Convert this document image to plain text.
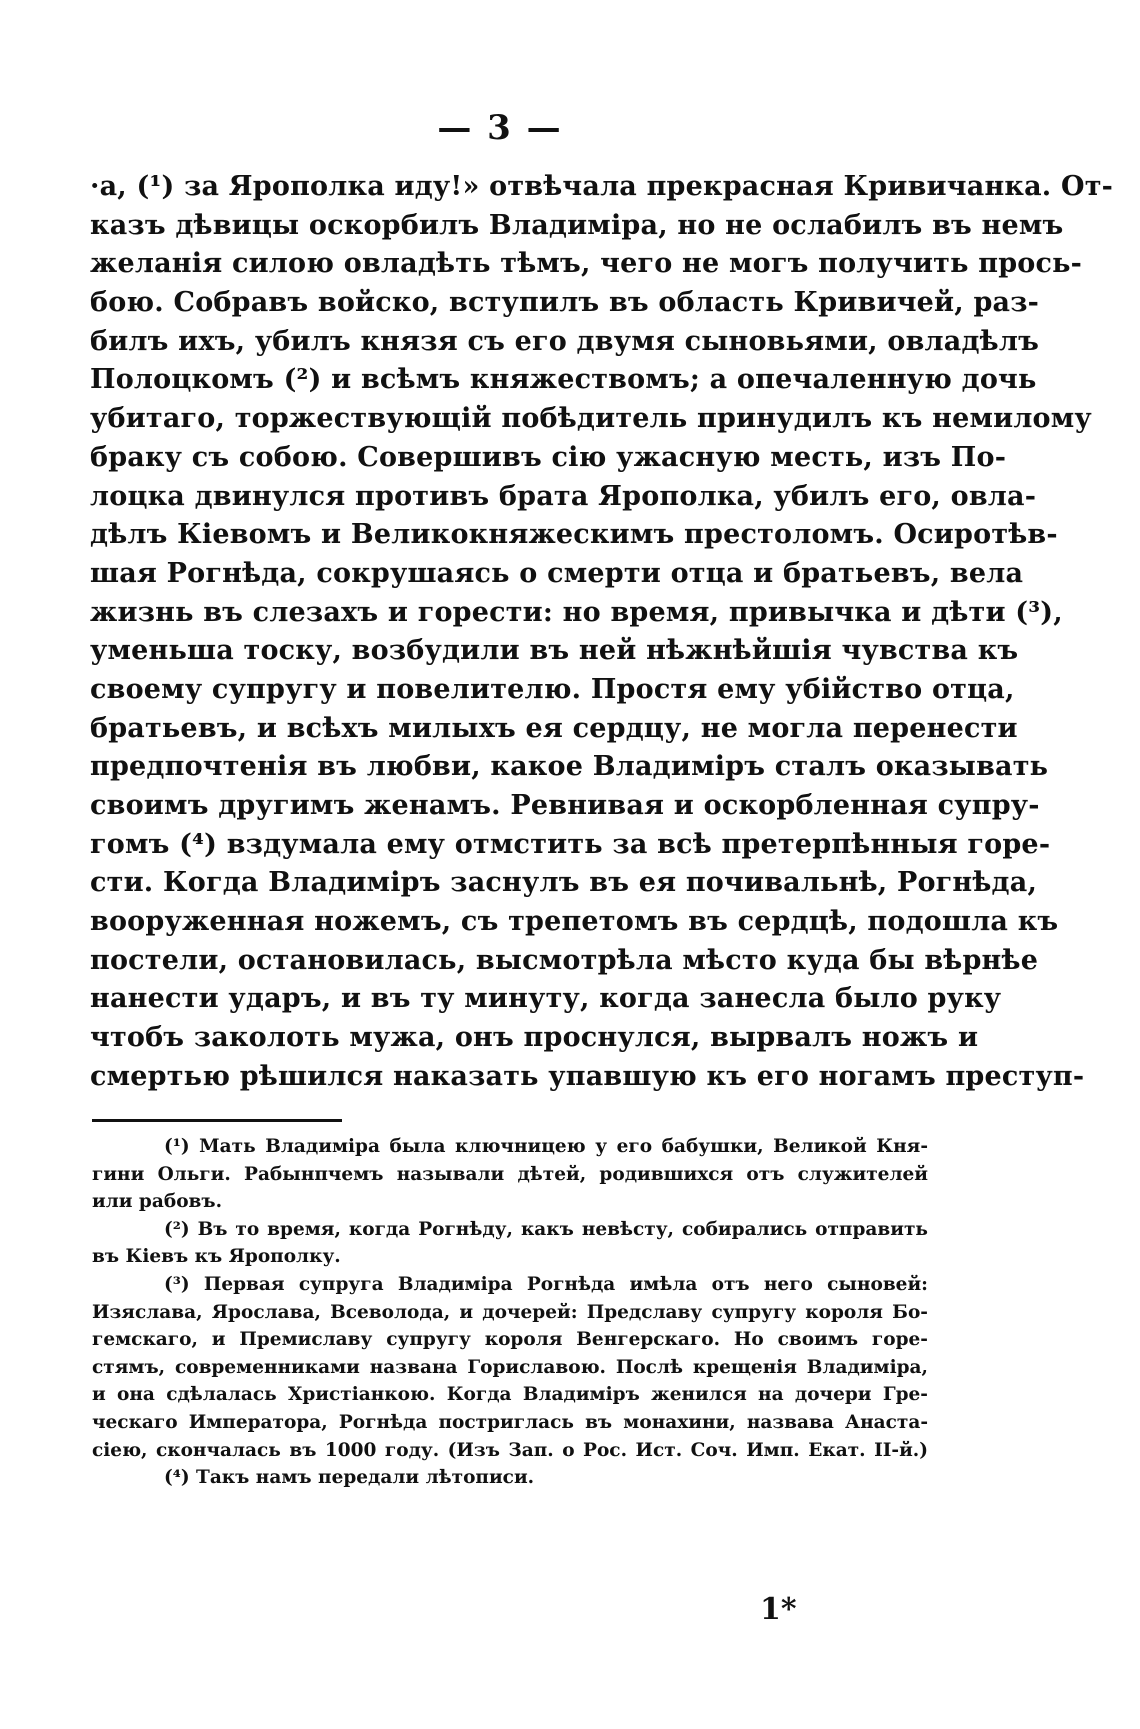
— 3 —
·a, (¹) за Ярополка иду!» отвѣчала прекрасная Кривичанка. От-
казъ дѣвицы оскорбилъ Владиміра, но не ослабилъ въ немъ
желанія силою овладѣть тѣмъ, чего не могъ получить прось-
бою. Собравъ войско, вступилъ въ область Кривичей, раз-
билъ ихъ, убилъ князя съ его двумя сыновьями, овладѣлъ
Полоцкомъ (²) и всѣмъ княжествомъ; а опечаленную дочь
убитаго, торжествующій побѣдитель принудилъ къ немилому
браку съ собою. Совершивъ сію ужасную месть, изъ По-
лоцка двинулся противъ брата Ярополка, убилъ его, овла-
дѣлъ Кіевомъ и Великокняжескимъ престоломъ. Осиротѣв-
шая Рогнѣда, сокрушаясь о смерти отца и братьевъ, вела
жизнь въ слезахъ и горести: но время, привычка и дѣти (³),
уменьша тоску, возбудили въ ней нѣжнѣйшія чувства къ
своему супругу и повелителю. Простя ему убійство отца,
братьевъ, и всѣхъ милыхъ ея сердцу, не могла перенести
предпочтенія въ любви, какое Владиміръ сталъ оказывать
своимъ другимъ женамъ. Ревнивая и оскорбленная супру-
гомъ (⁴) вздумала ему отмстить за всѣ претерпѣнныя горе-
сти. Когда Владиміръ заснулъ въ ея почивальнѣ, Рогнѣда,
вооруженная ножемъ, съ трепетомъ въ сердцѣ, подошла къ
постели, остановилась, высмотрѣла мѣсто куда бы вѣрнѣе
нанести ударъ, и въ ту минуту, когда занесла было руку
чтобъ заколоть мужа, онъ проснулся, вырвалъ ножъ и
смертью рѣшился наказать упавшую къ его ногамъ преступ-
(¹) Мать Владиміра была ключницею у его бабушки, Великой Кня-
гини Ольги. Рабынпчемъ называли дѣтей, родившихся отъ служителей
или рабовъ.
(²) Въ то время, когда Рогнѣду, какъ невѣсту, собирались отправить
въ Кіевъ къ Ярополку.
(³) Первая супруга Владиміра Рогнѣда имѣла отъ него сыновей:
Изяслава, Ярослава, Всеволода, и дочерей: Предславу супругу короля Бо-
гемскаго, и Премиславу супругу короля Венгерскаго. Но своимъ горе-
стямъ, современниками названа Гориславою. Послѣ крещенія Владиміра,
и она сдѣлалась Христіанкою. Когда Владиміръ женился на дочери Гре-
ческаго Императора, Рогнѣда постриглась въ монахини, назвава Анаста-
сіею, скончалась въ 1000 году. (Изъ Зап. о Рос. Ист. Соч. Имп. Екат. II-й.)
(⁴) Такъ намъ передали лѣтописи.
1*
